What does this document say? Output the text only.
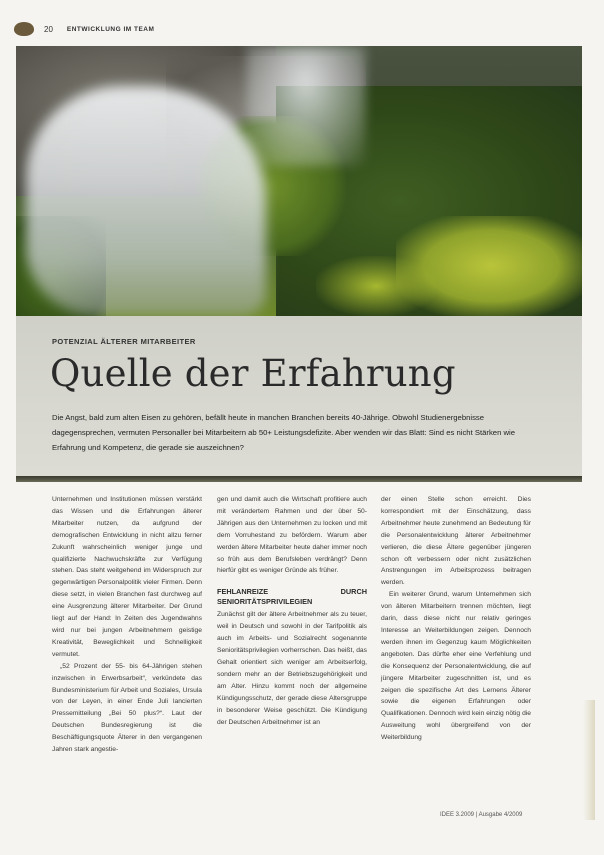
20 ENTWICKLUNG IM TEAM
POTENZIAL ÄLTERER MITARBEITER
Quelle der Erfahrung
Die Angst, bald zum alten Eisen zu gehören, befällt heute in manchen Branchen bereits 40-Jährige. Obwohl Studienergebnisse dagegensprechen, vermuten Personaller bei Mitarbeitern ab 50+ Leistungsdefizite. Aber wenden wir das Blatt: Sind es nicht Stärken wie Erfahrung und Kompetenz, die gerade sie auszeichnen?

Unternehmen und Institutionen müssen verstärkt das Wissen und die Erfahrungen älterer Mitarbeiter nutzen, da aufgrund der demografischen Entwicklung in nicht allzu ferner Zukunft wahrscheinlich weniger junge und qualifizierte Nachwuchskräfte zur Verfügung stehen. Das steht weitgehend im Widerspruch zur gegenwärtigen Personalpolitik vieler Firmen. Denn diese setzt, in vielen Branchen fast durchweg auf eine Ausgrenzung älterer Mitarbeiter. Der Grund liegt auf der Hand: In Zeiten des Jugendwahns wird nur bei jungen Arbeitnehmern geistige Kreativität, Beweglichkeit und Schnelligkeit vermutet.

„52 Prozent der 55- bis 64-Jährigen stehen inzwischen in Erwerbsarbeit“, verkündete das Bundesministerium für Arbeit und Soziales, Ursula von der Leyen, in einer Ende Juli lancierten Pressemitteilung „Bei 50 plus?“. Laut der Deutschen Bundesregierung ist die Beschäftigungsquote Älterer in den vergangenen Jahren stark angestie-

gen und damit auch die Wirtschaft profitiere auch mit verändertem Rahmen und der über 50-Jährigen aus den Unternehmen zu locken und mit dem Vorruhestand zu befördern. Warum aber werden ältere Mitarbeiter heute daher immer noch so früh aus dem Berufsleben verdrängt? Denn hierfür gibt es weniger Gründe als früher.

FEHLANREIZE DURCH SENIORITÄTSPRIVILEGIEN

Zunächst gilt der ältere Arbeitnehmer als zu teuer, weil in Deutsch und sowohl in der Tarifpolitik als auch im Arbeits- und Sozialrecht sogenannte Senioritätsprivilegien vorherrschen. Das heißt, das Gehalt orientiert sich weniger am Arbeitserfolg, sondern mehr an der Betriebszugehörigkeit und am Alter. Hinzu kommt noch der allgemeine Kündigungsschutz, der gerade diese Altersgruppe in besonderer Weise geschützt. Die Kündigung der Deutschen Arbeitnehmer ist an

der einen Stelle schon erreicht. Dies korrespondiert mit der Einschätzung, dass Arbeitnehmer heute zunehmend an Bedeutung für die Personalentwicklung älterer Arbeitnehmer verlieren, die diese Ältere gegenüber jüngeren schon oft verbessern oder nicht zusätzlichen Anstrengungen im Arbeitsprozess beitragen werden.

Ein weiterer Grund, warum Unternehmen sich von älteren Mitarbeitern trennen möchten, liegt darin, dass diese nicht nur relativ geringes Interesse an Weiterbildungen zeigen. Dennoch werden ihnen im Gegenzug kaum Möglichkeiten angeboten. Das dürfte eher eine Verfehlung und die Konsequenz der Personalentwicklung, die auf jüngere Mitarbeiter zugeschnitten ist, und es zeigen die spezifische Art des Lernens Älterer sowie die eigenen Erfahrungen oder Qualifikationen. Dennoch wird kein einzig nötig die Ausweitung wohl übergreifend von der Weiterbildung

IDEE 3.2009 | Ausgabe 4/2009
